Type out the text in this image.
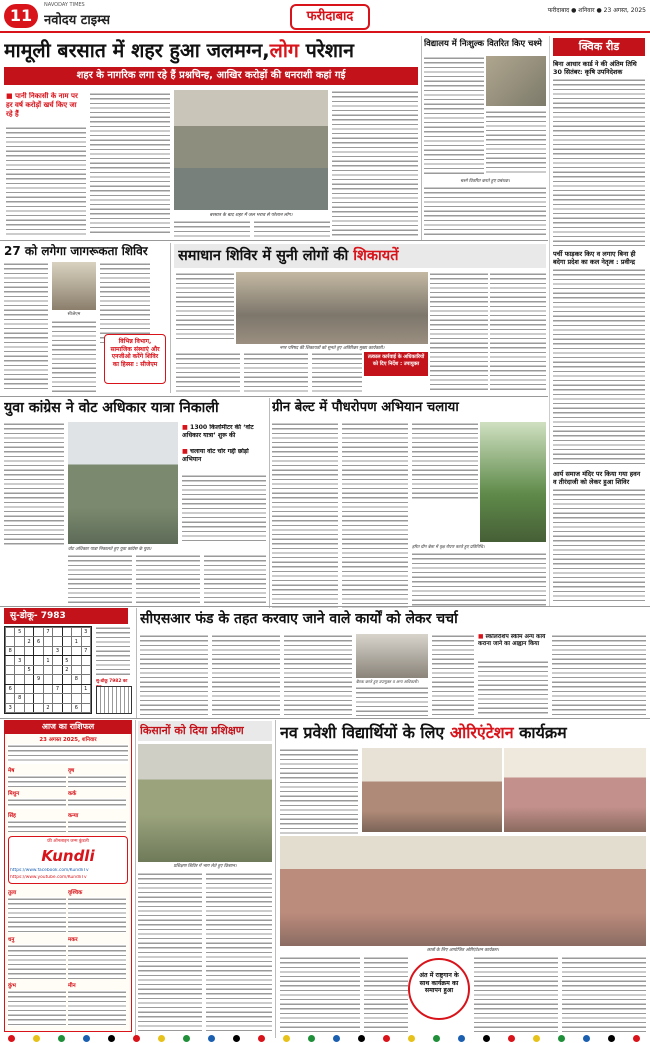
11
NAVODAY TIMES
नवोदय टाइम्स	फरीदाबाद	फरीदाबाद ● शनिवार ● 23 अगस्त, 2025
मामूली बरसात में शहर हुआ जलमग्न,लोग परेशान
शहर के नागरिक लगा रहे हैं प्रश्नचिन्ह, आखिर करोड़ों की धनराशी कहां गई
■ पानी निकासी के नाम पर हर वर्ष करोड़ों खर्च किए जा रहे हैं
बरसात के बाद शहर में जल भराव से परेशान लोग।
विद्यालय में निःशुल्क वितरित किए चश्मे
चश्मे वितरित करते हुए प्रबंधक।
क्विक रीड
बिना आधार कार्ड ने की अंतिम तिथि 30 सितंबर: कृषि उपनिदेशक
पर्ची फाड़कर किए व लगाए बिना ही बदेगा प्रदेश का कल नेतृत्व : प्रवीन्द्र
आर्य समाज मंदिर पर किया गया हवन व तीरंदाजी को लेकर हुआ शिविर
27 को लगेगा जागरूकता शिविर
सीजेएम
विभिन्न विभाग, सामाजिक संस्थाएं और एनजीओ करेंगे शिविर का हिस्सा : सीजेएम
समाधान शिविर में सुनी लोगों की शिकायतें
नगर परिषद की शिकायतों को सुनते हुए अतिरिक्त मुख्य कार्यकारी।
तत्काल कार्रवाई के अधिकारियों को दिए निर्देश : उपायुक्त
युवा कांग्रेस ने वोट अधिकार यात्रा निकाली
■ 1300 किलोमीटर की ‘वोट अधिकार यात्रा’ शुरू की
■ चलाया वोट चोर गद्दी छोड़ो अभियान
वोट अधिकार यात्रा निकालते हुए युवा कांग्रेस के युवा।
ग्रीन बेल्ट में पौधरोपण अभियान चलाया
हरित ग्रीन बेल्ट में वृक्ष रोपण करते हुए प्रतिनिधि।
सु-डोकू- 7983
	5			7				3
		2	6				1	
8					3			7
	3			1		5		
		5				2		
			9				8	
6					7			1
	8							
3				2			6	
सु-डोकू 7982 का
सीएसआर फंड के तहत करवाए जाने वाले कार्यों को लेकर चर्चा
बैठक करते हुए उपायुक्त व अन्य अधिकारी।
■ स्कोलरशिप स्कीम अन्य कार्य कराना जाने का आह्वान किया
आज का राशिफल
23 अगस्त 2025, शनिवार
मेष	वृष
मिथुन	कर्क
सिंह	कन्या
फ्री ऑनलाइन जन्म कुंडली
Kundli
https://www.facebook.com/KundliTv
https://www.youtube.com/KundliTv
तुला	वृश्चिक
धनु	मकर
कुंभ	मीन
किसानों को दिया प्रशिक्षण
प्रशिक्षण शिविर में भाग लेते हुए किसान।
नव प्रवेशी विद्यार्थियों के लिए ओरिएंटेशन कार्यक्रम
छात्रों के लिए आयोजित ओरिएंटेशन कार्यक्रम।
अंत में राष्ट्रगान के साथ कार्यक्रम का समापन हुआ
